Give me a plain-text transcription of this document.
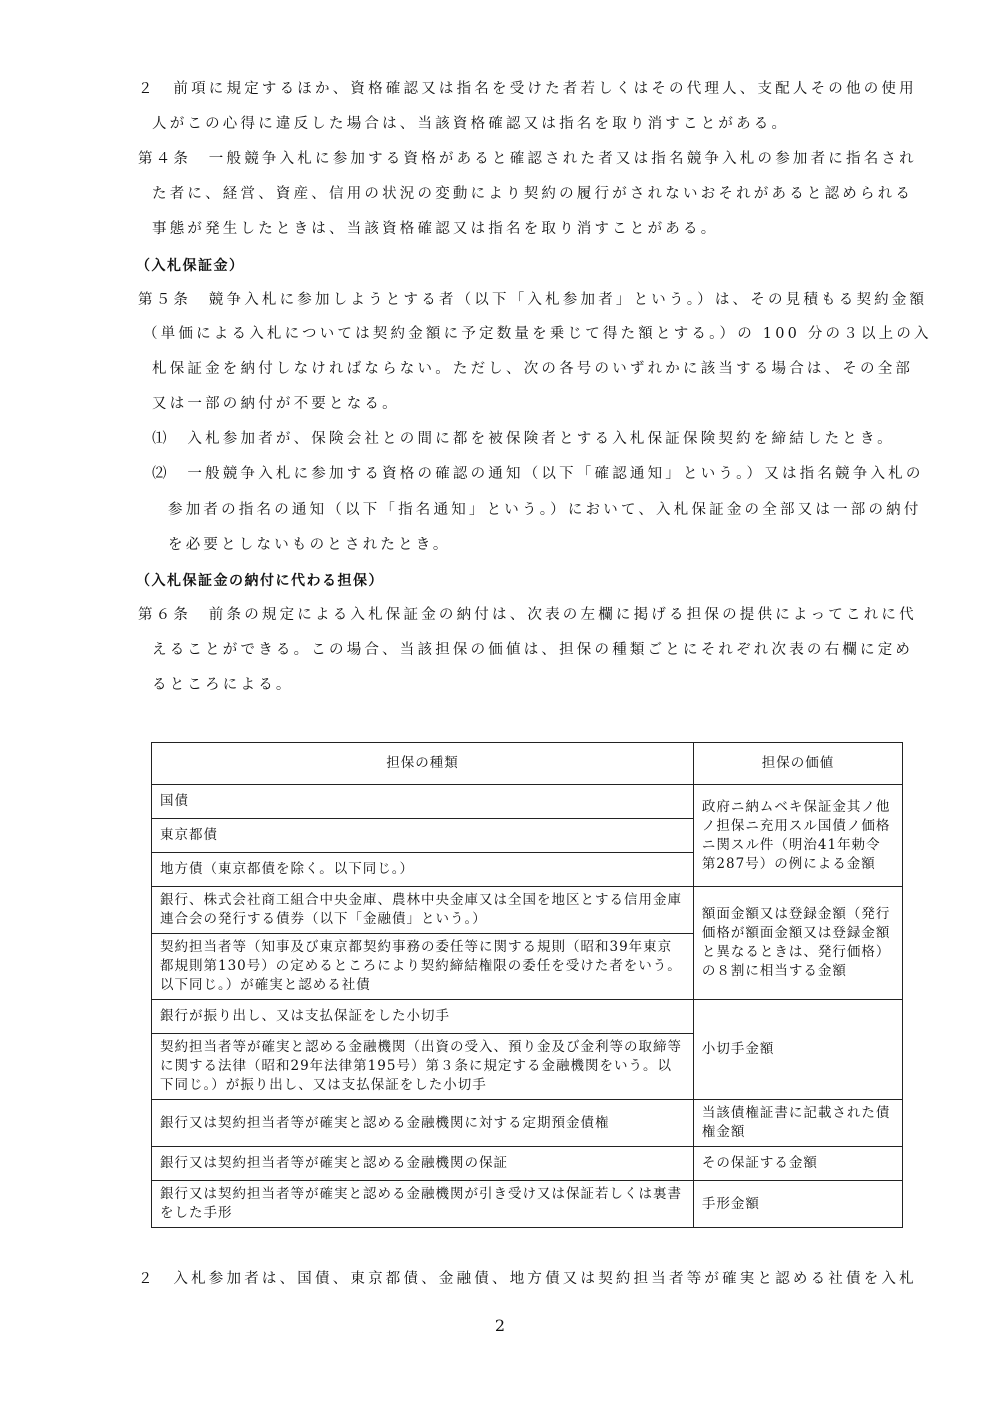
２　前項に規定するほか、資格確認又は指名を受けた者若しくはその代理人、支配人その他の使用
人がこの心得に違反した場合は、当該資格確認又は指名を取り消すことがある。
第４条　一般競争入札に参加する資格があると確認された者又は指名競争入札の参加者に指名され
た者に、経営、資産、信用の状況の変動により契約の履行がされないおそれがあると認められる
事態が発生したときは、当該資格確認又は指名を取り消すことがある。
（入札保証金）
第５条　競争入札に参加しようとする者（以下「入札参加者」という。）は、その見積もる契約金額
（単価による入札については契約金額に予定数量を乗じて得た額とする。）の 100 分の３以上の入
札保証金を納付しなければならない。ただし、次の各号のいずれかに該当する場合は、その全部
又は一部の納付が不要となる。
⑴　入札参加者が、保険会社との間に都を被保険者とする入札保証保険契約を締結したとき。
⑵　一般競争入札に参加する資格の確認の通知（以下「確認通知」という。）又は指名競争入札の
参加者の指名の通知（以下「指名通知」という。）において、入札保証金の全部又は一部の納付
を必要としないものとされたとき。
（入札保証金の納付に代わる担保）
第６条　前条の規定による入札保証金の納付は、次表の左欄に掲げる担保の提供によってこれに代
えることができる。この場合、当該担保の価値は、担保の種類ごとにそれぞれ次表の右欄に定め
るところによる。
２　入札参加者は、国債、東京都債、金融債、地方債又は契約担当者等が確実と認める社債を入札
担保の種類	担保の価値
国債	政府ニ納ムベキ保証金其ノ他ノ担保ニ充用スル国債ノ価格ニ関スル件（明治41年勅令第287号）の例による金額
東京都債	
地方債（東京都債を除く。以下同じ。）	
銀行、株式会社商工組合中央金庫、農林中央金庫又は全国を地区とする信用金庫連合会の発行する債券（以下「金融債」という。）	額面金額又は登録金額（発行価格が額面金額又は登録金額と異なるときは、発行価格）の８割に相当する金額
契約担当者等（知事及び東京都契約事務の委任等に関する規則（昭和39年東京都規則第130号）の定めるところにより契約締結権限の委任を受けた者をいう。以下同じ。）が確実と認める社債	
銀行が振り出し、又は支払保証をした小切手	小切手金額
契約担当者等が確実と認める金融機関（出資の受入、預り金及び金利等の取締等に関する法律（昭和29年法律第195号）第３条に規定する金融機関をいう。以下同じ。）が振り出し、又は支払保証をした小切手	
銀行又は契約担当者等が確実と認める金融機関に対する定期預金債権	当該債権証書に記載された債権金額
銀行又は契約担当者等が確実と認める金融機関の保証	その保証する金額
銀行又は契約担当者等が確実と認める金融機関が引き受け又は保証若しくは裏書をした手形	手形金額
2
